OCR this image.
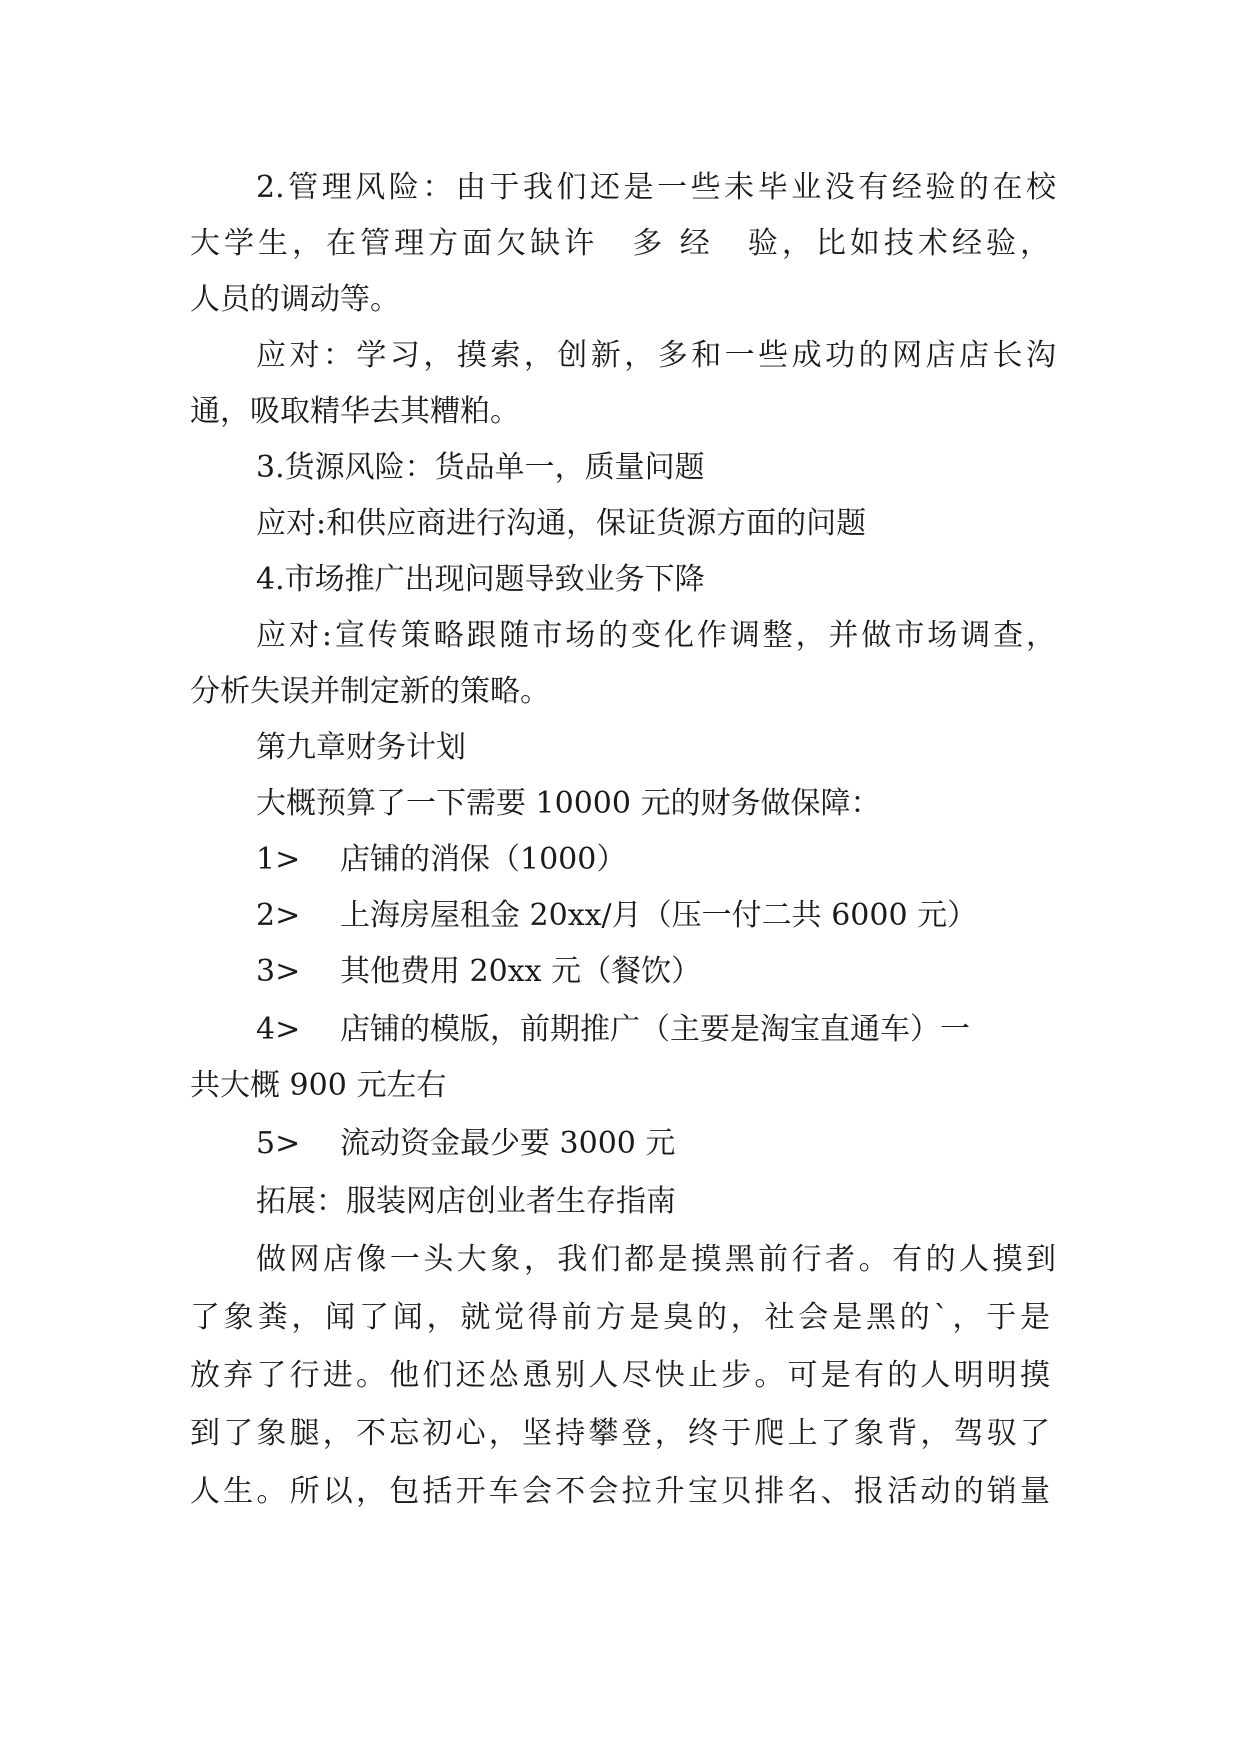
2.管理风险：由于我们还是一些未毕业没有经验的在校
大学生，在管理方面欠缺许　多 经　验，比如技术经验，
人员的调动等。
应对：学习，摸索，创新，多和一些成功的网店店长沟
通，吸取精华去其糟粕。
3.货源风险：货品单一，质量问题
应对:和供应商进行沟通，保证货源方面的问题
4.市场推广出现问题导致业务下降
应对:宣传策略跟随市场的变化作调整，并做市场调查，
分析失误并制定新的策略。
第九章财务计划
大概预算了一下需要 10000 元的财务做保障：
1> 店铺的消保（1000）
2> 上海房屋租金 20xx/月（压一付二共 6000 元）
3> 其他费用 20xx 元（餐饮）
4> 店铺的模版，前期推广（主要是淘宝直通车）一
共大概 900 元左右
5> 流动资金最少要 3000 元
拓展：服装网店创业者生存指南
做网店像一头大象，我们都是摸黑前行者。有的人摸到
了象粪，闻了闻，就觉得前方是臭的，社会是黑的`，于是
放弃了行进。他们还怂恿别人尽快止步。可是有的人明明摸
到了象腿，不忘初心，坚持攀登，终于爬上了象背，驾驭了
人生。所以，包括开车会不会拉升宝贝排名、报活动的销量
